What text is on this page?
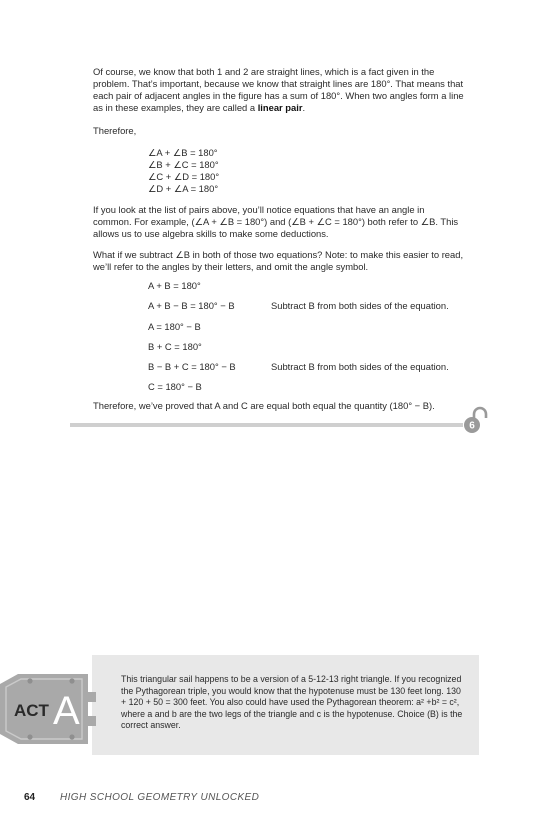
Of course, we know that both 1 and 2 are straight lines, which is a fact given in the problem. That’s important, because we know that straight lines are 180°. That means that each pair of adjacent angles in the figure has a sum of 180°. When two angles form a line as in these examples, they are called a linear pair.
Therefore,
∠A + ∠B = 180°
∠B + ∠C = 180°
∠C + ∠D = 180°
∠D + ∠A = 180°
If you look at the list of pairs above, you’ll notice equations that have an angle in common. For example, (∠A + ∠B = 180°) and (∠B + ∠C = 180°) both refer to ∠B. This allows us to use algebra skills to make some deductions.
What if we subtract ∠B in both of those two equations? Note: to make this easier to read, we’ll refer to the angles by their letters, and omit the angle symbol.
A + B = 180°
A + B − B = 180° − B	Subtract B from both sides of the equation.
A = 180° − B
B + C = 180°
B − B + C = 180° − B	Subtract B from both sides of the equation.
C = 180° − B
Therefore, we’ve proved that A and C are equal both equal the quantity (180° − B).
6
ACT A
This triangular sail happens to be a version of a 5-12-13 right triangle. If you recognized the Pythagorean triple, you would know that the hypotenuse must be 130 feet long. 130 + 120 + 50 = 300 feet. You also could have used the Pythagorean theorem: a² +b² = c², where a and b are the two legs of the triangle and c is the hypotenuse. Choice (B) is the correct answer.
64 HIGH SCHOOL GEOMETRY UNLOCKED
